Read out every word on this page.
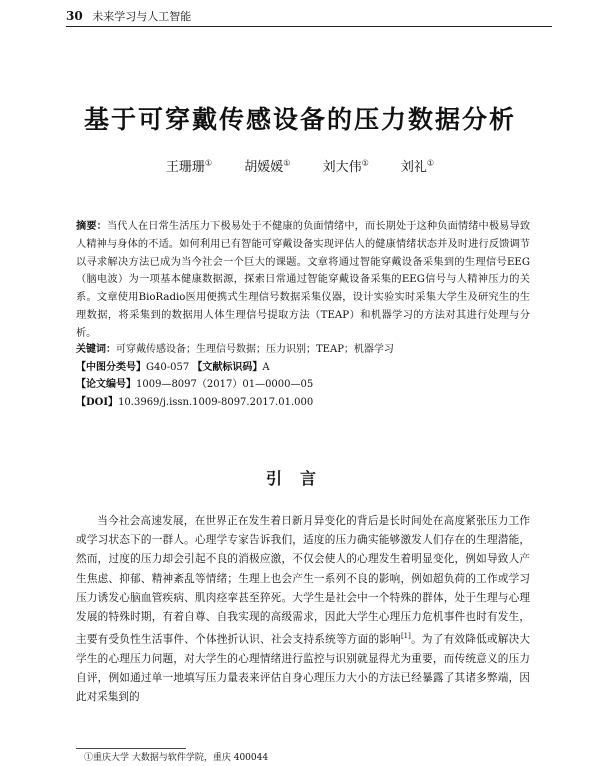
30 未来学习与人工智能
基于可穿戴传感设备的压力数据分析
王珊珊① 胡媛媛① 刘大伟① 刘礼①
摘要：当代人在日常生活压力下极易处于不健康的负面情绪中，而长期处于这种负面情绪中极易导致人精神与身体的不适。如何利用已有智能可穿戴设备实现评估人的健康情绪状态并及时进行反馈调节以寻求解决方法已成为当今社会一个巨大的课题。文章将通过智能穿戴设备采集到的生理信号EEG（脑电波）为一项基本健康数据源，探索日常通过智能穿戴设备采集的EEG信号与人精神压力的关系。文章使用BioRadio医用便携式生理信号数据采集仪器，设计实验实时采集大学生及研究生的生理数据，将采集到的数据用人体生理信号提取方法（TEAP）和机器学习的方法对其进行处理与分析。
关键词：可穿戴传感设备；生理信号数据；压力识别；TEAP；机器学习
【中图分类号】G40-057 【文献标识码】A
【论文编号】1009—8097（2017）01—0000—05
【DOI】10.3969/j.issn.1009-8097.2017.01.000
引言
当今社会高速发展，在世界正在发生着日新月异变化的背后是长时间处在高度紧张压力工作或学习状态下的一群人。心理学专家告诉我们，适度的压力确实能够激发人们存在的生理潜能，然而，过度的压力却会引起不良的消极应激，不仅会使人的心理发生着明显变化，例如导致人产生焦虑、抑郁、精神紊乱等情绪；生理上也会产生一系列不良的影响，例如超负荷的工作或学习压力诱发心脑血管疾病、肌肉痉挛甚至猝死。大学生是社会中一个特殊的群体，处于生理与心理发展的特殊时期，有着自尊、自我实现的高级需求，因此大学生心理压力危机事件也时有发生，主要有受负性生活事件、个体挫折认识、社会支持系统等方面的影响[1]。为了有效降低或解决大学生的心理压力问题，对大学生的心理情绪进行监控与识别就显得尤为重要，而传统意义的压力自评，例如通过单一地填写压力量表来评估自身心理压力大小的方法已经暴露了其诸多弊端，因此对采集到的
①重庆大学 大数据与软件学院，重庆 400044
